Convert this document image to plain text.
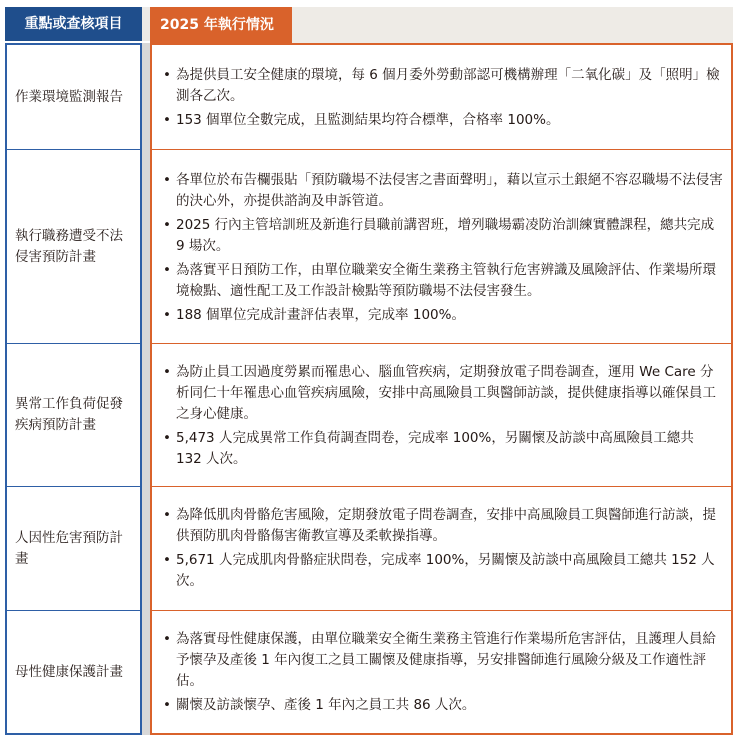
重點或查核項目	2025 年執行情況
作業環境監測報告
執行職務遭受不法侵害預防計畫
異常工作負荷促發疾病預防計畫
人因性危害預防計畫
母性健康保護計畫
• 為提供員工安全健康的環境，每 6 個月委外勞動部認可機構辦理「二氧化碳」及「照明」檢測各乙次。
• 153 個單位全數完成，且監測結果均符合標準，合格率 100%。
• 各單位於布告欄張貼「預防職場不法侵害之書面聲明」，藉以宣示土銀絕不容忍職場不法侵害的決心外，亦提供諮詢及申訴管道。
• 2025 行內主管培訓班及新進行員職前講習班，增列職場霸凌防治訓練實體課程，總共完成 9 場次。
• 為落實平日預防工作，由單位職業安全衛生業務主管執行危害辨識及風險評估、作業場所環境檢點、適性配工及工作設計檢點等預防職場不法侵害發生。
• 188 個單位完成計畫評估表單，完成率 100%。
• 為防止員工因過度勞累而罹患心、腦血管疾病，定期發放電子問卷調查，運用 We Care 分析同仁十年罹患心血管疾病風險，安排中高風險員工與醫師訪談，提供健康指導以確保員工之身心健康。
• 5,473 人完成異常工作負荷調查問卷，完成率 100%，另關懷及訪談中高風險員工總共 132 人次。
• 為降低肌肉骨骼危害風險，定期發放電子問卷調查，安排中高風險員工與醫師進行訪談，提供預防肌肉骨骼傷害衛教宣導及柔軟操指導。
• 5,671 人完成肌肉骨骼症狀問卷，完成率 100%，另關懷及訪談中高風險員工總共 152 人次。
• 為落實母性健康保護，由單位職業安全衛生業務主管進行作業場所危害評估，且護理人員給予懷孕及產後 1 年內復工之員工關懷及健康指導，另安排醫師進行風險分級及工作適性評估。
• 關懷及訪談懷孕、產後 1 年內之員工共 86 人次。
